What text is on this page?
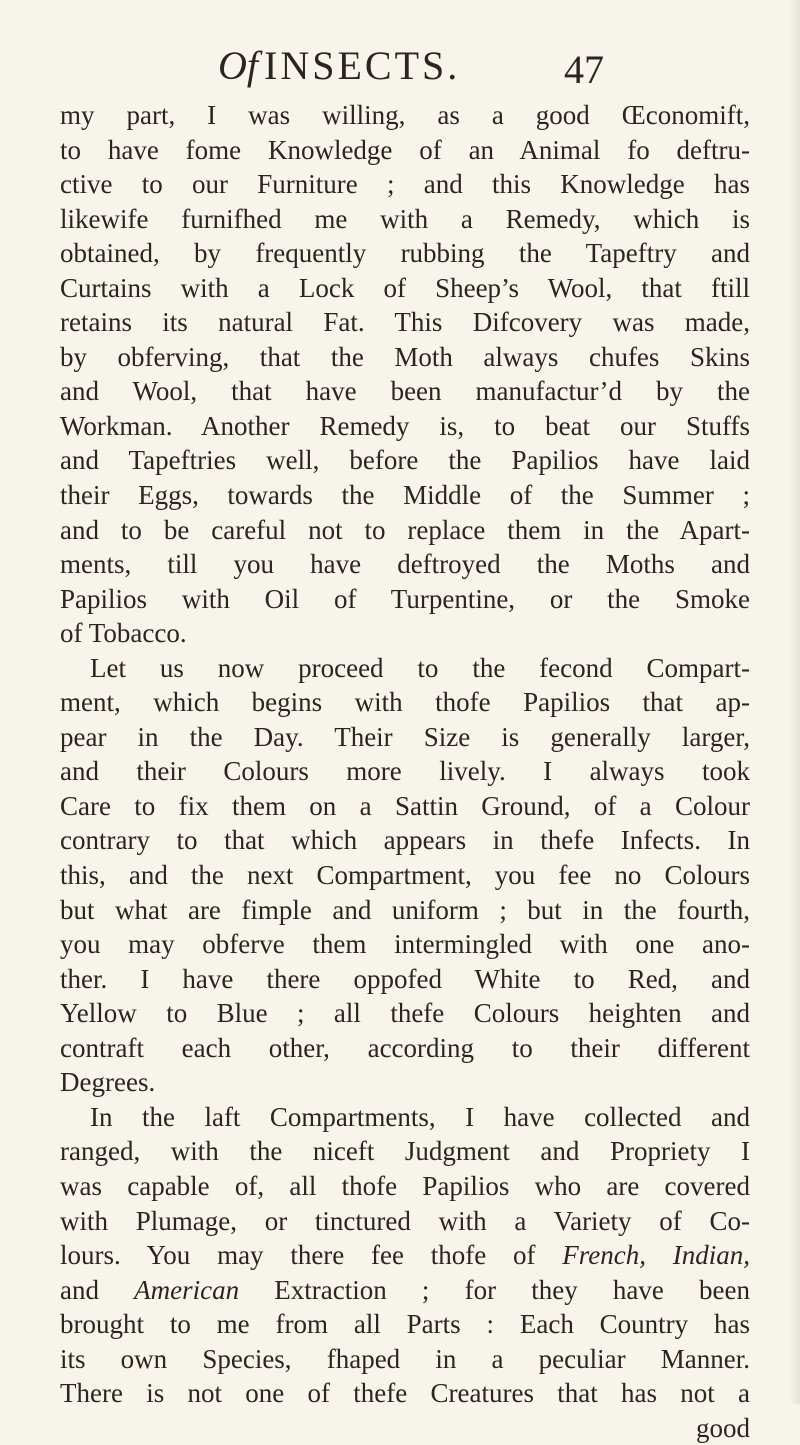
Of INSECTS.	47
my part, I was willing, as a good Œconomift,
to have fome Knowledge of an Animal fo deftru-
ctive to our Furniture ; and this Knowledge has
likewife furnifhed me with a Remedy, which is
obtained, by frequently rubbing the Tapeftry and
Curtains with a Lock of Sheep’s Wool, that ftill
retains its natural Fat. This Difcovery was made,
by obferving, that the Moth always chufes Skins
and Wool, that have been manufactur’d by the
Workman. Another Remedy is, to beat our Stuffs
and Tapeftries well, before the Papilios have laid
their Eggs, towards the Middle of the Summer ;
and to be careful not to replace them in the Apart-
ments, till you have deftroyed the Moths and
Papilios with Oil of Turpentine, or the Smoke
of Tobacco.
Let us now proceed to the fecond Compart-
ment, which begins with thofe Papilios that ap-
pear in the Day. Their Size is generally larger,
and their Colours more lively. I always took
Care to fix them on a Sattin Ground, of a Colour
contrary to that which appears in thefe Infects. In
this, and the next Compartment, you fee no Colours
but what are fimple and uniform ; but in the fourth,
you may obferve them intermingled with one ano-
ther. I have there oppofed White to Red, and
Yellow to Blue ; all thefe Colours heighten and
contraft each other, according to their different
Degrees.
In the laft Compartments, I have collected and
ranged, with the niceft Judgment and Propriety I
was capable of, all thofe Papilios who are covered
with Plumage, or tinctured with a Variety of Co-
lours. You may there fee thofe of French, Indian,
and American Extraction ; for they have been
brought to me from all Parts : Each Country has
its own Species, fhaped in a peculiar Manner.
There is not one of thefe Creatures that has not a
good
